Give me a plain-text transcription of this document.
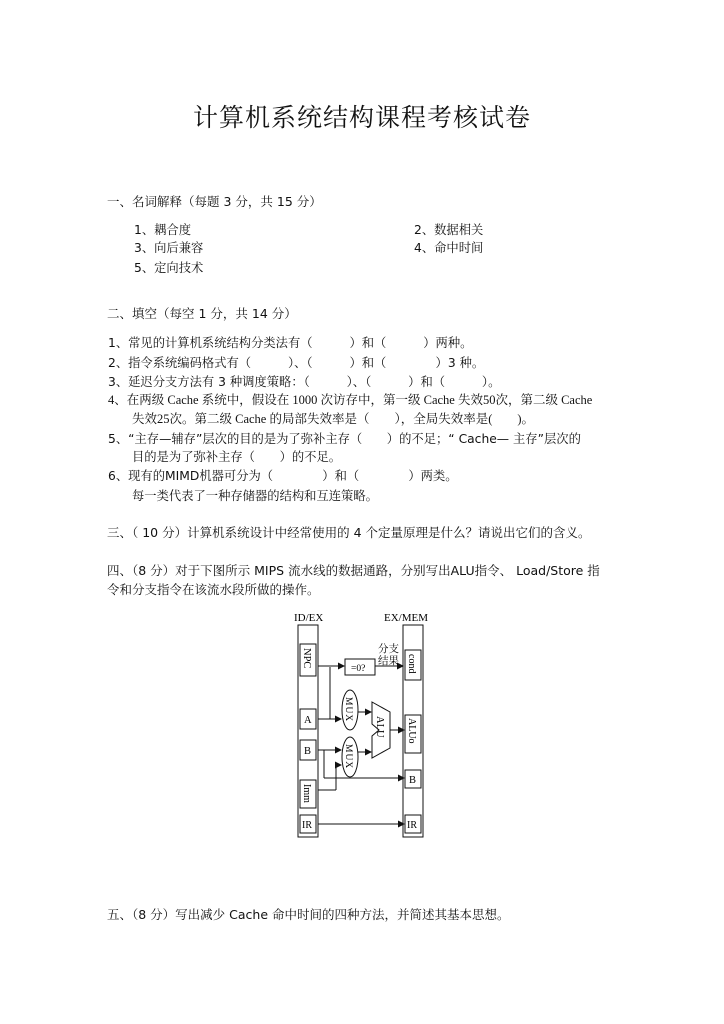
计算机系统结构课程考核试卷
一、名词解释（每题 3 分，共 15 分）
1、耦合度	2、数据相关
3、向后兼容	4、命中时间
5、定向技术
二、填空（每空 1 分，共 14 分）
1、常见的计算机系统结构分类法有（　　　）和（　　　）两种。
2、指令系统编码格式有（　　　）、（　　　）和（　　　　）3 种。
3、延迟分支方法有 3 种调度策略：（　　　）、（　　　）和（　　　）。
4、在两级 Cache 系统中，假设在 1000 次访存中，第一级 Cache 失效50次，第二级 Cache
失效25次。第二级 Cache 的局部失效率是（　　），全局失效率是(　　)。
5、“主存—辅存”层次的目的是为了弥补主存（　　）的不足；“ Cache— 主存”层次的
目的是为了弥补主存（　　）的不足。
6、现有的MIMD机器可分为（　　　　）和（　　　　）两类。
每一类代表了一种存储器的结构和互连策略。
三、（ 10 分）计算机系统设计中经常使用的 4 个定量原理是什么？请说出它们的含义。
四、（8 分）对于下图所示 MIPS 流水线的数据通路，分别写出ALU指令、 Load/Store 指
令和分支指令在该流水段所做的操作。
ID/EX	EX/MEM
NPC
A
B
Imm
IR
=0?
分支
结果 cond
MUX
MUX
ALU ALUo
B
IR
五、（8 分）写出减少 Cache 命中时间的四种方法，并简述其基本思想。
